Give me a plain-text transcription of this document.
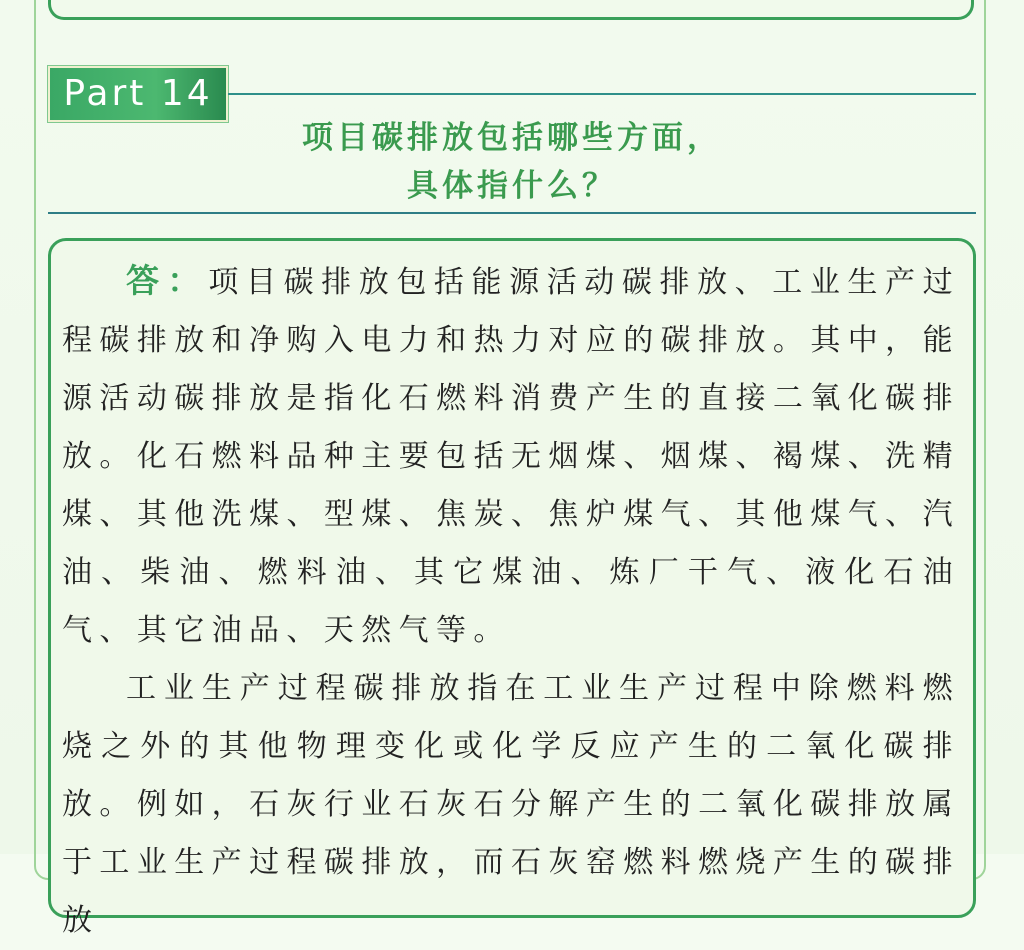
Part 14
项目碳排放包括哪些方面，
具体指什么？

答：项目碳排放包括能源活动碳排放、工业生产过程碳排放和净购入电力和热力对应的碳排放。其中，能源活动碳排放是指化石燃料消费产生的直接二氧化碳排放。化石燃料品种主要包括无烟煤、烟煤、褐煤、洗精煤、其他洗煤、型煤、焦炭、焦炉煤气、其他煤气、汽油、柴油、燃料油、其它煤油、炼厂干气、液化石油气、其它油品、天然气等。

工业生产过程碳排放指在工业生产过程中除燃料燃烧之外的其他物理变化或化学反应产生的二氧化碳排放。例如，石灰行业石灰石分解产生的二氧化碳排放属于工业生产过程碳排放，而石灰窑燃料燃烧产生的碳排放
